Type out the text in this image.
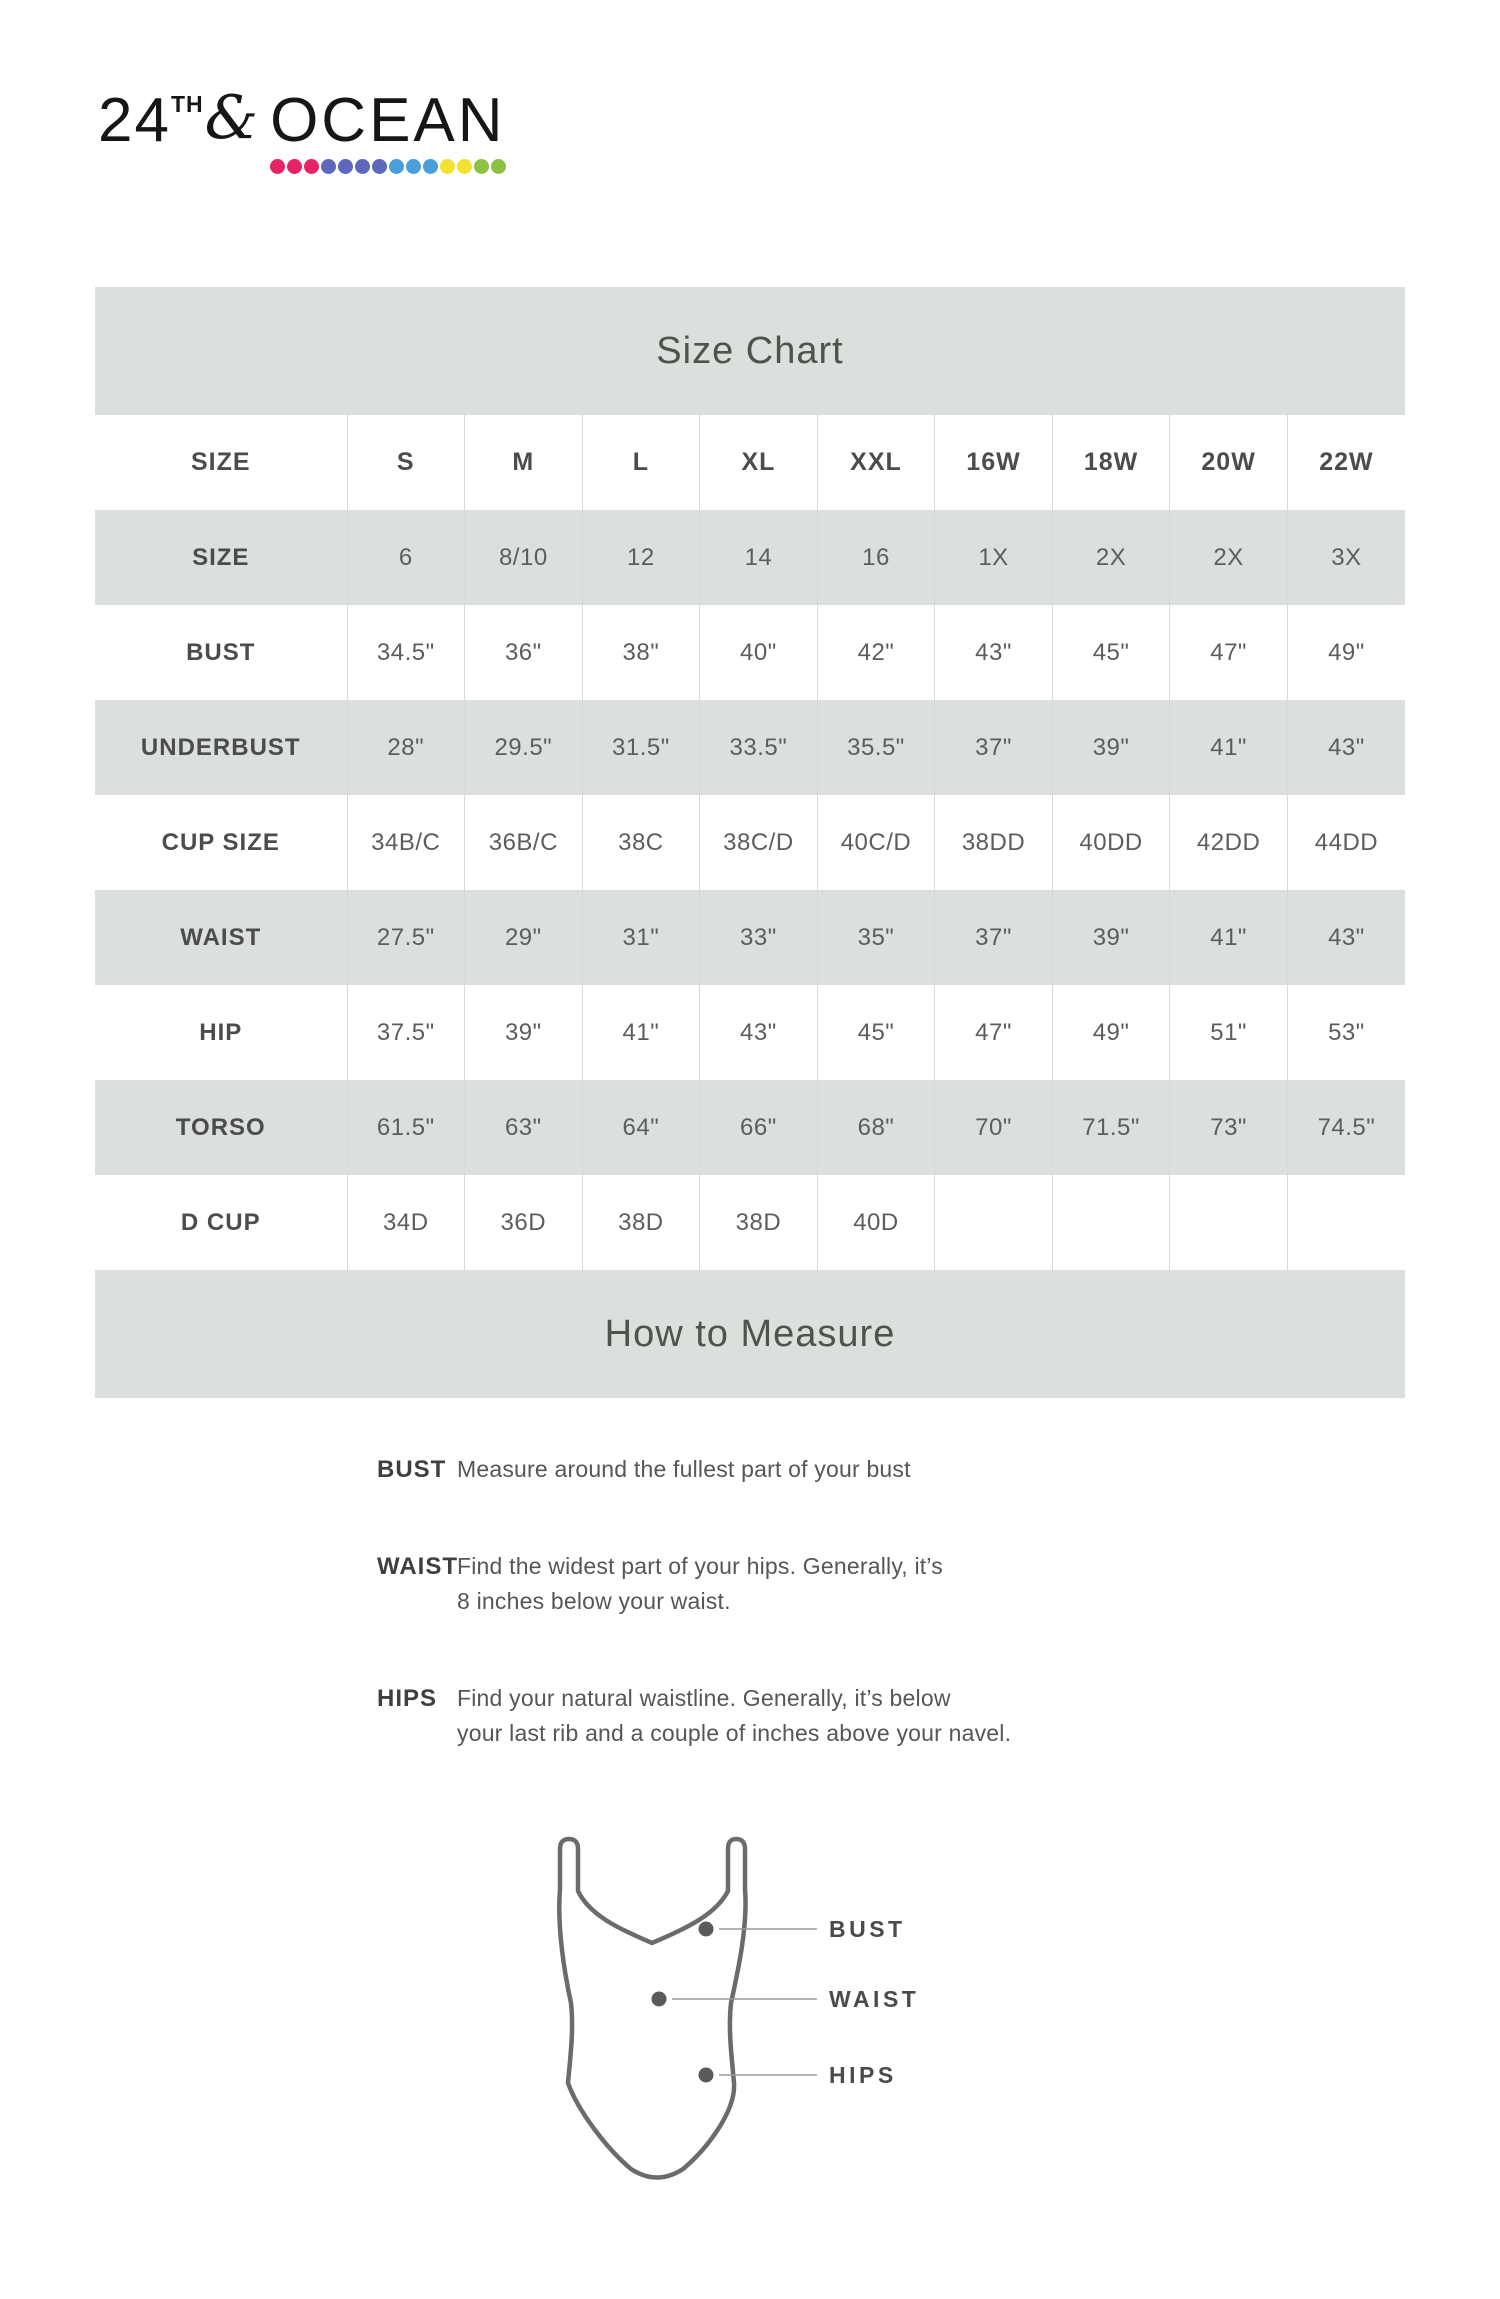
24 TH & OCEAN
Size Chart
SIZE	S	M	L	XL	XXL	16W	18W	20W	22W
SIZE	6	8/10	12	14	16	1X	2X	2X	3X
BUST	34.5"	36"	38"	40"	42"	43"	45"	47"	49"
UNDERBUST	28"	29.5"	31.5"	33.5"	35.5"	37"	39"	41"	43"
CUP SIZE	34B/C	36B/C	38C	38C/D	40C/D	38DD	40DD	42DD	44DD
WAIST	27.5"	29"	31"	33"	35"	37"	39"	41"	43"
HIP	37.5"	39"	41"	43"	45"	47"	49"	51"	53"
TORSO	61.5"	63"	64"	66"	68"	70"	71.5"	73"	74.5"
D CUP	34D	36D	38D	38D	40D				
How to Measure
BUST Measure around the fullest part of your bust
WAIST Find the widest part of your hips. Generally, it’s
8 inches below your waist.
HIPS Find your natural waistline. Generally, it’s below
your last rib and a couple of inches above your navel.
BUST
WAIST
HIPS
